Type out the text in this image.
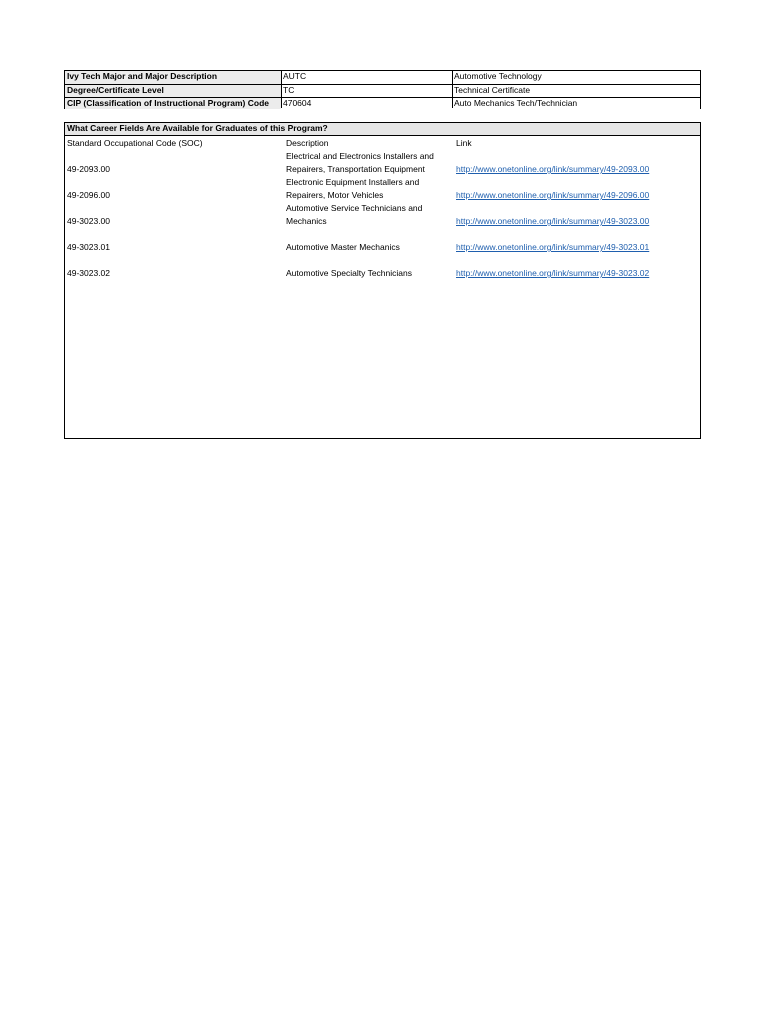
Ivy Tech Major and Major Description	AUTC	Automotive Technology
Degree/Certificate Level	TC	Technical Certificate
CIP (Classification of Instructional Program) Code 470604	Auto Mechanics Tech/Technician
What Career Fields Are Available for Graduates of this Program?
Standard Occupational Code (SOC)	Description	Link
Electrical and Electronics Installers and
49-2093.00	Repairers, Transportation Equipment	http://www.onetonline.org/link/summary/49-2093.00
Electronic Equipment Installers and
49-2096.00	Repairers, Motor Vehicles	http://www.onetonline.org/link/summary/49-2096.00
Automotive Service Technicians and
49-3023.00	Mechanics	http://www.onetonline.org/link/summary/49-3023.00
49-3023.01	Automotive Master Mechanics	http://www.onetonline.org/link/summary/49-3023.01
49-3023.02	Automotive Specialty Technicians	http://www.onetonline.org/link/summary/49-3023.02
